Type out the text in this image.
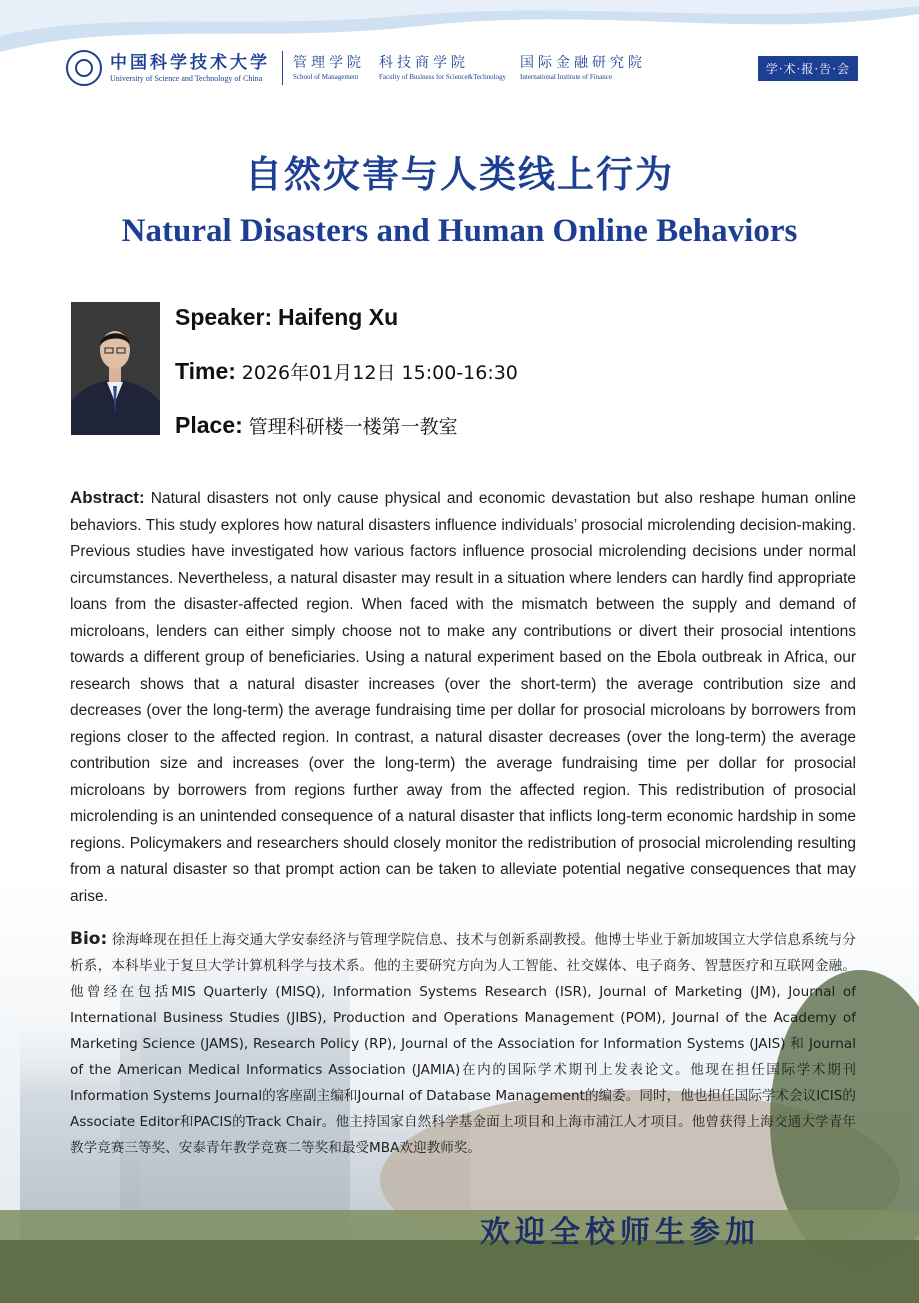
中国科学技术大学
University of Science and Technology of China
管理学院
School of Management
科技商学院
Faculty of Business for Science&Technology
国际金融研究院
International Institute of Finance
学·术·报·告·会
自然灾害与人类线上行为
Natural Disasters and Human Online Behaviors
Speaker: Haifeng Xu
Time: 2026年01月12日 15:00-16:30
Place: 管理科研楼一楼第一教室
Abstract: Natural disasters not only cause physical and economic devastation but also reshape human online behaviors. This study explores how natural disasters influence individuals’ prosocial microlending decision-making. Previous studies have investigated how various factors influence prosocial microlending decisions under normal circumstances. Nevertheless, a natural disaster may result in a situation where lenders can hardly find appropriate loans from the disaster-affected region. When faced with the mismatch between the supply and demand of microloans, lenders can either simply choose not to make any contributions or divert their prosocial intentions towards a different group of beneficiaries. Using a natural experiment based on the Ebola outbreak in Africa, our research shows that a natural disaster increases (over the short-term) the average contribution size and decreases (over the long-term) the average fundraising time per dollar for prosocial microloans by borrowers from regions closer to the affected region. In contrast, a natural disaster decreases (over the long-term) the average contribution size and increases (over the long-term) the average fundraising time per dollar for prosocial microloans by borrowers from regions further away from the affected region. This redistribution of prosocial microlending is an unintended consequence of a natural disaster that inflicts long-term economic hardship in some regions. Policymakers and researchers should closely monitor the redistribution of prosocial microlending resulting from a natural disaster so that prompt action can be taken to alleviate potential negative consequences that may arise.
Bio: 徐海峰现在担任上海交通大学安泰经济与管理学院信息、技术与创新系副教授。他博士毕业于新加坡国立大学信息系统与分析系，本科毕业于复旦大学计算机科学与技术系。他的主要研究方向为人工智能、社交媒体、电子商务、智慧医疗和互联网金融。他曾经在包括MIS Quarterly (MISQ), Information Systems Research (ISR), Journal of Marketing (JM), Journal of International Business Studies (JIBS), Production and Operations Management (POM), Journal of the Academy of Marketing Science (JAMS), Research Policy (RP), Journal of the Association for Information Systems (JAIS) 和 Journal of the American Medical Informatics Association (JAMIA)在内的国际学术期刊上发表论文。他现在担任国际学术期刊Information Systems Journal的客座副主编和Journal of Database Management的编委。同时，他也担任国际学术会议ICIS的Associate Editor和PACIS的Track Chair。他主持国家自然科学基金面上项目和上海市浦江人才项目。他曾获得上海交通大学青年教学竞赛三等奖、安泰青年教学竞赛二等奖和最受MBA欢迎教师奖。
欢迎全校师生参加
